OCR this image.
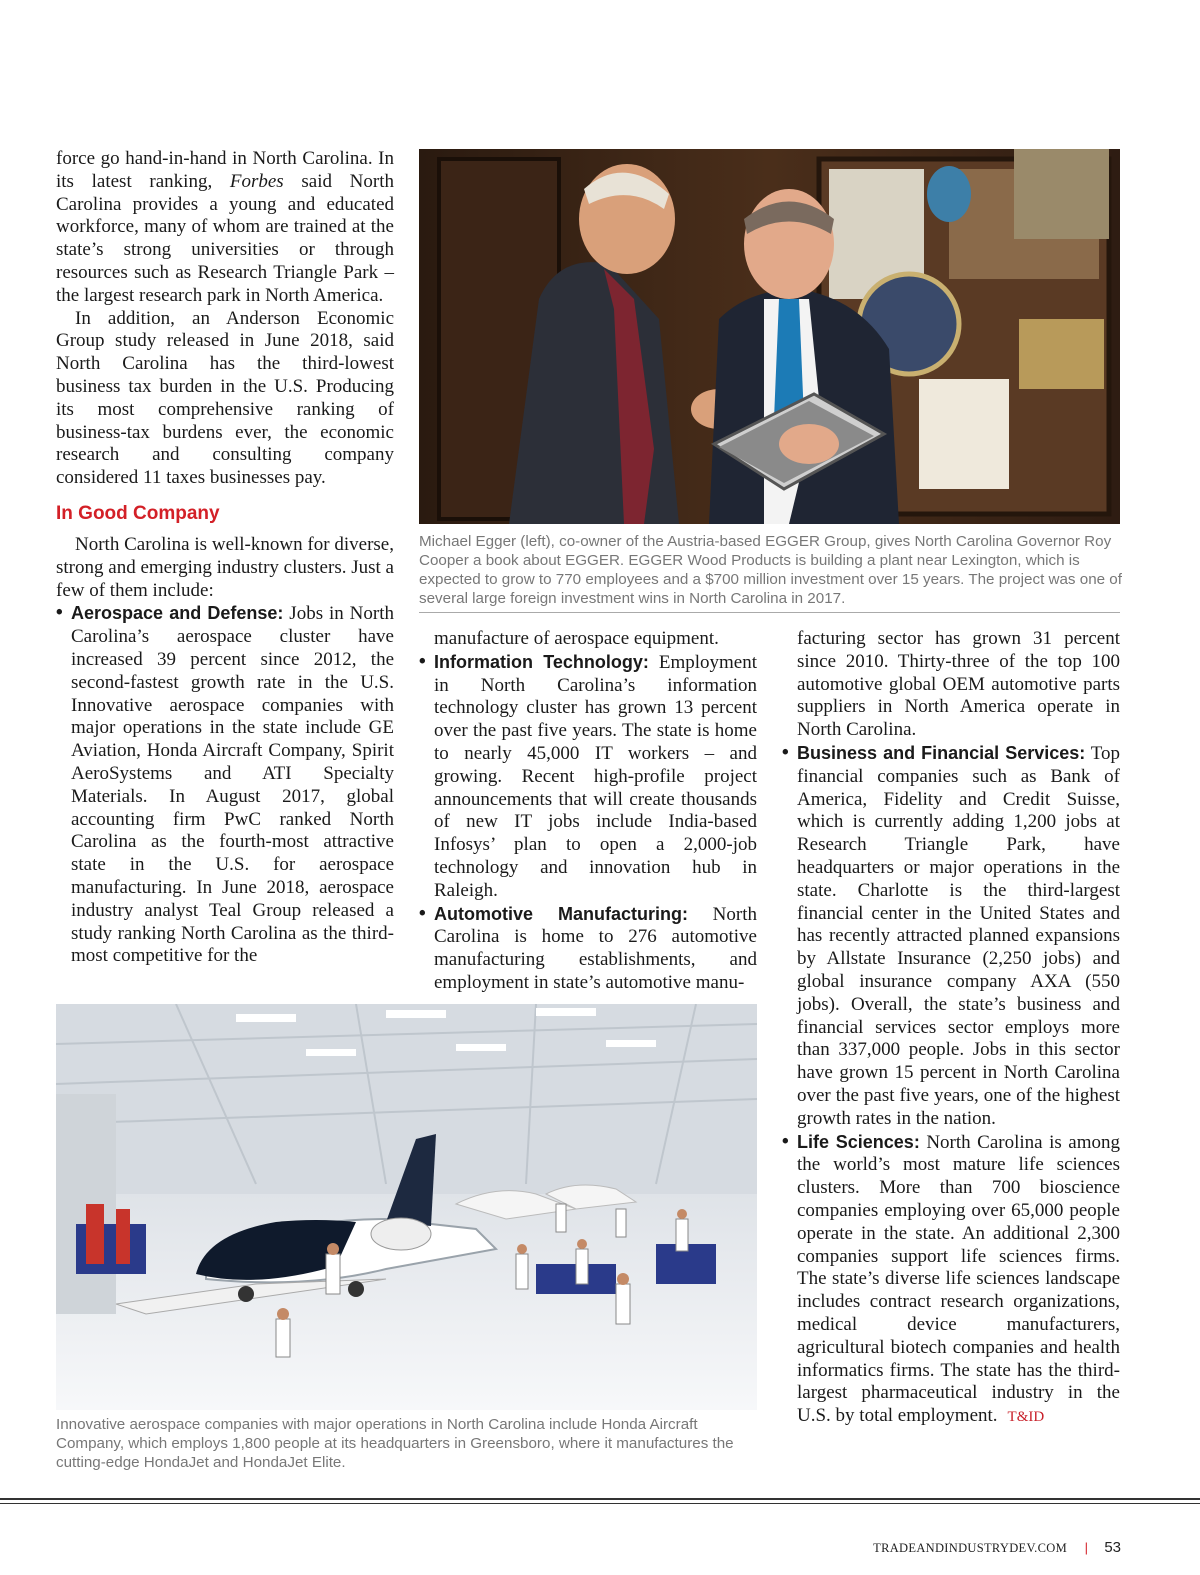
force go hand-in-hand in North Carolina. In its latest ranking, Forbes said North Carolina provides a young and educated workforce, many of whom are trained at the state’s strong universities or through resources such as Research Triangle Park – the largest research park in North America.

In addition, an Anderson Economic Group study released in June 2018, said North Carolina has the third-lowest business tax burden in the U.S. Producing its most comprehensive ranking of business-tax burdens ever, the economic research and consulting company considered 11 taxes businesses pay.

In Good Company

North Carolina is well-known for diverse, strong and emerging industry clusters. Just a few of them include:

• Aerospace and Defense: Jobs in North Carolina’s aerospace cluster have increased 39 percent since 2012, the second-fastest growth rate in the U.S. Innovative aerospace companies with major operations in the state include GE Aviation, Honda Aircraft Company, Spirit AeroSystems and ATI Specialty Materials. In August 2017, global accounting firm PwC ranked North Carolina as the fourth-most attractive state in the U.S. for aerospace manufacturing. In June 2018, aerospace industry analyst Teal Group released a study ranking North Carolina as the third-most competitive for the

manufacture of aerospace equipment.

• Information Technology: Employment in North Carolina’s information technology cluster has grown 13 percent over the past five years. The state is home to nearly 45,000 IT workers – and growing. Recent high-profile project announcements that will create thousands of new IT jobs include India-based Infosys’ plan to open a 2,000-job technology and innovation hub in Raleigh.

• Automotive Manufacturing: North Carolina is home to 276 automotive manufacturing establishments, and employment in state’s automotive manu-

facturing sector has grown 31 percent since 2010. Thirty-three of the top 100 automotive global OEM automotive parts suppliers in North America operate in North Carolina.

• Business and Financial Services: Top financial companies such as Bank of America, Fidelity and Credit Suisse, which is currently adding 1,200 jobs at Research Triangle Park, have headquarters or major operations in the state. Charlotte is the third-largest financial center in the United States and has recently attracted planned expansions by Allstate Insurance (2,250 jobs) and global insurance company AXA (550 jobs). Overall, the state’s business and financial services sector employs more than 337,000 people. Jobs in this sector have grown 15 percent in North Carolina over the past five years, one of the highest growth rates in the nation.

• Life Sciences: North Carolina is among the world’s most mature life sciences clusters. More than 700 bioscience companies employing over 65,000 people operate in the state. An additional 2,300 companies support life sciences firms. The state’s diverse life sciences landscape includes contract research organizations, medical device manufacturers, agricultural biotech companies and health informatics firms. The state has the third-largest pharmaceutical industry in the U.S. by total employment. T&ID

Michael Egger (left), co-owner of the Austria-based EGGER Group, gives North Carolina Governor Roy Cooper a book about EGGER. EGGER Wood Products is building a plant near Lexington, which is expected to grow to 770 employees and a $700 million investment over 15 years. The project was one of several large foreign investment wins in North Carolina in 2017.
Innovative aerospace companies with major operations in North Carolina include Honda Aircraft Company, which employs 1,800 people at its headquarters in Greensboro, where it manufactures the cutting-edge HondaJet and HondaJet Elite.
TRADEANDINDUSTRYDEV.COM | 53
